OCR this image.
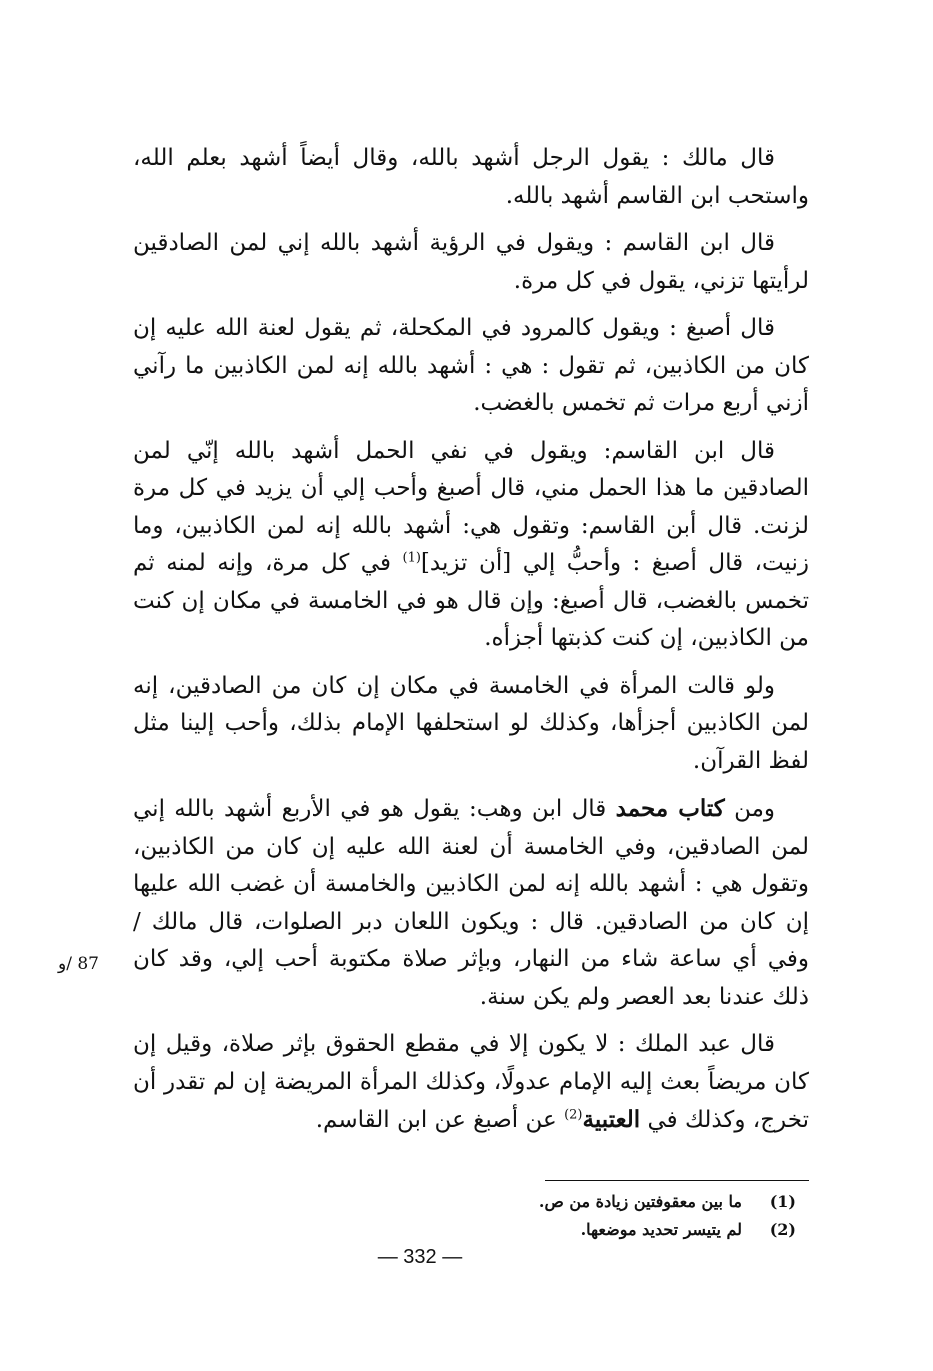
قال مالك : يقول الرجل أشهد بالله، وقال أيضاً أشهد بعلم الله، واستحب ابن القاسم أشهد بالله.

قال ابن القاسم : ويقول في الرؤية أشهد بالله إني لمن الصادقين لرأيتها تزني، يقول في كل مرة.

قال أصبغ : ويقول كالمرود في المكحلة، ثم يقول لعنة الله عليه إن كان من الكاذبين، ثم تقول : هي : أشهد بالله إنه لمن الكاذبين ما رآني أزني أربع مرات ثم تخمس بالغضب.

قال ابن القاسم: ويقول في نفي الحمل أشهد بالله إنّي لمن الصادقين ما هذا الحمل مني، قال أصبغ وأحب إلي أن يزيد في كل مرة لزنت. قال أبن القاسم: وتقول هي: أشهد بالله إنه لمن الكاذبين، وما زنيت، قال أصبغ : وأحبُّ إلي [أن تزيد]$^{(1)}$ في كل مرة، وإنه لمنه ثم تخمس بالغضب، قال أصبغ: وإن قال هو في الخامسة في مكان إن كنت من الكاذبين، إن كنت كذبتها أجزأه.

ولو قالت المرأة في الخامسة في مكان إن كان من الصادقين، إنه لمن الكاذبين أجزأها، وكذلك لو استحلفها الإمام بذلك، وأحب إلينا مثل لفظ القرآن.

ومن كتاب محمد قال ابن وهب: يقول هو في الأربع أشهد بالله إني لمن الصادقين، وفي الخامسة أن لعنة الله عليه إن كان من الكاذبين، وتقول هي : أشهد بالله إنه لمن الكاذبين والخامسة أن غضب الله عليها إن كان من الصادقين. قال : ويكون اللعان دبر الصلوات، قال مالك / وفي أي ساعة شاء من النهار، وبإثر صلاة مكتوبة أحب إلي، وقد كان ذلك عندنا بعد العصر ولم يكن سنة.

قال عبد الملك : لا يكون إلا في مقطع الحقوق بإثر صلاة، وقيل إن كان مريضاً بعث إليه الإمام عدولًا، وكذلك المرأة المريضة إن لم تقدر أن تخرج، وكذلك في العتبية$^{(2)}$ عن أصبغ عن ابن القاسم.

87 /و
(1)
ما بين معقوفتين زيادة من ص.
(2)
لم يتيسر تحديد موضعها.
— 332 —
